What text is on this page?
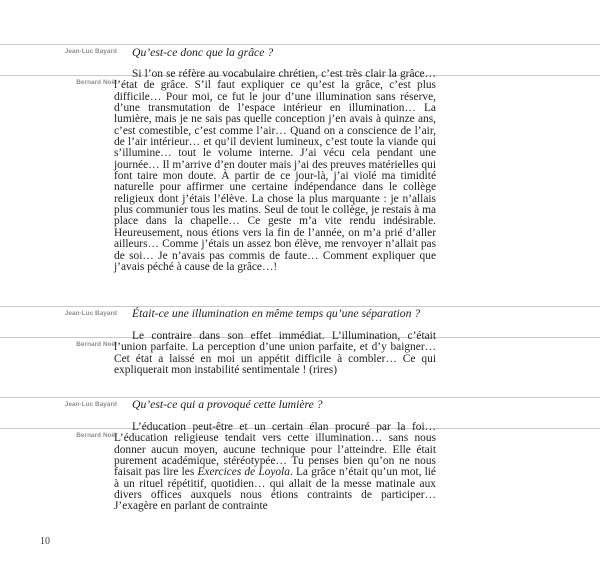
Jean-Luc Bayard Qu’est-ce donc que la grâce ?
Bernard Noël

Si l’on se réfère au vocabulaire chrétien, c’est très clair la grâce… l’état de grâce. S’il faut expliquer ce qu’est la grâce, c’est plus difficile… Pour moi, ce fut le jour d’une illumination sans réserve, d’une transmutation de l’espace intérieur en illumination… La lumière, mais je ne sais pas quelle conception j’en avais à quinze ans, c’est comestible, c’est comme l’air… Quand on a conscience de l’air, de l’air intérieur… et qu’il devient lumineux, c’est toute la viande qui s’illumine… tout le volume interne. J’ai vécu cela pendant une journée… Il m’arrive d’en douter mais j’ai des preuves matérielles qui font taire mon doute. À partir de ce jour-là, j’ai violé ma timidité naturelle pour affirmer une certaine indépendance dans le collège religieux dont j’étais l’élève. La chose la plus marquante : je n’allais plus communier tous les matins. Seul de tout le collège, je restais à ma place dans la chapelle… Ce geste m’a vite rendu indésirable. Heureusement, nous étions vers la fin de l’année, on m’a prié d’aller ailleurs… Comme j’étais un assez bon élève, me renvoyer n’allait pas de soi… Je n’avais pas commis de faute… Comment expliquer que j’avais péché à cause de la grâce…!

Jean-Luc Bayard Était-ce une illumination en même temps qu’une séparation ?
Bernard Noël

Le contraire dans son effet immédiat. L’illumination, c’était l’union parfaite. La perception d’une union parfaite, et d’y baigner… Cet état a laissé en moi un appétit difficile à combler… Ce qui expliquerait mon instabilité sentimentale ! (rires)

Jean-Luc Bayard Qu’est-ce qui a provoqué cette lumière ?
Bernard Noël

L’éducation peut-être et un certain élan procuré par la foi… L’éducation religieuse tendait vers cette illumination… sans nous donner aucun moyen, aucune technique pour l’atteindre. Elle était purement académique, stéréotypée… Tu penses bien qu’on ne nous faisait pas lire les Exercices de Loyola. La grâce n’était qu’un mot, lié à un rituel répétitif, quotidien… qui allait de la messe matinale aux divers offices auxquels nous étions contraints de participer… J’exagère en parlant de contrainte

10
